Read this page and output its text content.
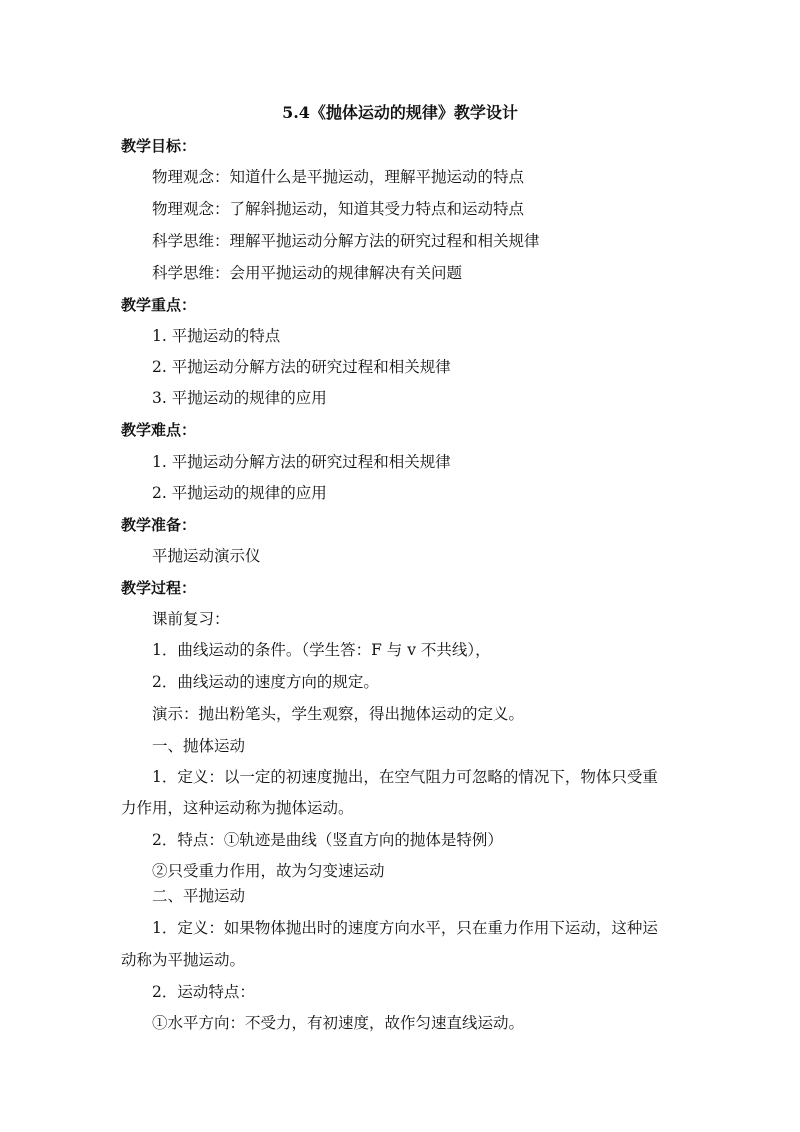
5.4《抛体运动的规律》教学设计
教学目标：
物理观念：知道什么是平抛运动，理解平抛运动的特点
物理观念：了解斜抛运动，知道其受力特点和运动特点
科学思维：理解平抛运动分解方法的研究过程和相关规律
科学思维：会用平抛运动的规律解决有关问题
教学重点：
1. 平抛运动的特点
2. 平抛运动分解方法的研究过程和相关规律
3. 平抛运动的规律的应用
教学难点：
1. 平抛运动分解方法的研究过程和相关规律
2. 平抛运动的规律的应用
教学准备：
平抛运动演示仪
教学过程：
课前复习：
1．曲线运动的条件。（学生答：F 与 v 不共线），
2．曲线运动的速度方向的规定。
演示：抛出粉笔头，学生观察，得出抛体运动的定义。
一、抛体运动
1．定义：以一定的初速度抛出，在空气阻力可忽略的情况下，物体只受重
力作用，这种运动称为抛体运动。
2．特点：①轨迹是曲线（竖直方向的抛体是特例）
②只受重力作用，故为匀变速运动
二、平抛运动
1．定义：如果物体抛出时的速度方向水平，只在重力作用下运动，这种运
动称为平抛运动。
2．运动特点：
①水平方向：不受力，有初速度，故作匀速直线运动。
